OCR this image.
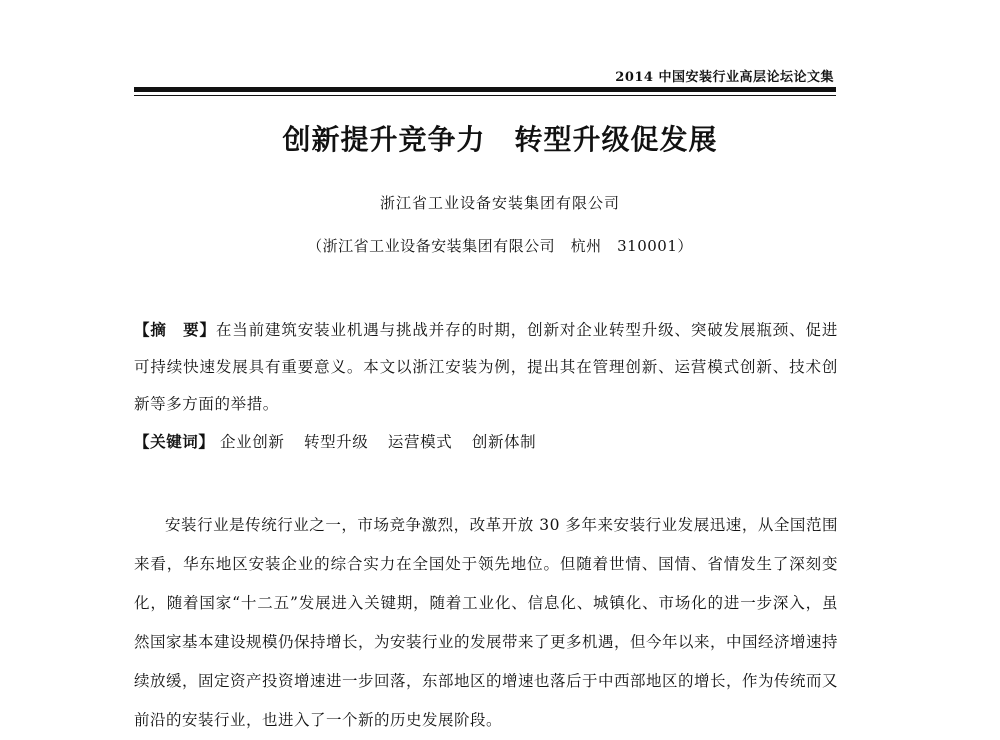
2014 中国安装行业高层论坛论文集
创新提升竞争力　转型升级促发展
浙江省工业设备安装集团有限公司
（浙江省工业设备安装集团有限公司　杭州　310001）
【摘　要】在当前建筑安装业机遇与挑战并存的时期，创新对企业转型升级、突破发展瓶颈、促进可持续快速发展具有重要意义。本文以浙江安装为例，提出其在管理创新、运营模式创新、技术创新等多方面的举措。
【关键词】 企业创新 转型升级 运营模式 创新体制
安装行业是传统行业之一，市场竞争激烈，改革开放 30 多年来安装行业发展迅速，从全国范围来看，华东地区安装企业的综合实力在全国处于领先地位。但随着世情、国情、省情发生了深刻变化，随着国家“十二五”发展进入关键期，随着工业化、信息化、城镇化、市场化的进一步深入，虽然国家基本建设规模仍保持增长，为安装行业的发展带来了更多机遇，但今年以来，中国经济增速持续放缓，固定资产投资增速进一步回落，东部地区的增速也落后于中西部地区的增长，作为传统而又前沿的安装行业，也进入了一个新的历史发展阶段。
